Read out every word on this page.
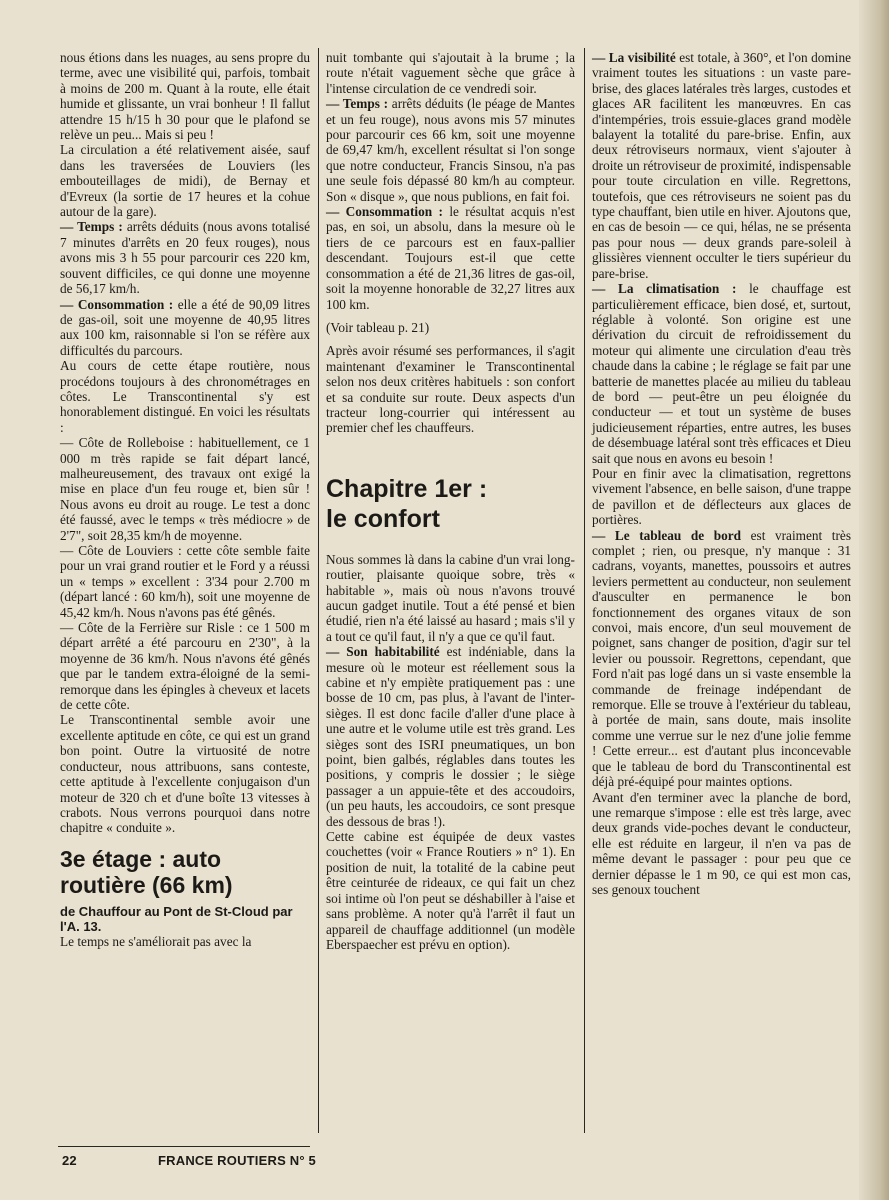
nous étions dans les nuages, au sens propre du terme, avec une visibilité qui, parfois, tombait à moins de 200 m. Quant à la route, elle était humide et glissante, un vrai bonheur ! Il fallut attendre 15 h/15 h 30 pour que le plafond se relève un peu... Mais si peu !

La circulation a été relativement aisée, sauf dans les traversées de Louviers (les embouteillages de midi), de Bernay et d'Evreux (la sortie de 17 heures et la cohue autour de la gare).

— Temps : arrêts déduits (nous avons totalisé 7 minutes d'arrêts en 20 feux rouges), nous avons mis 3 h 55 pour parcourir ces 220 km, souvent difficiles, ce qui donne une moyenne de 56,17 km/h.

— Consommation : elle a été de 90,09 litres de gas-oil, soit une moyenne de 40,95 litres aux 100 km, raisonnable si l'on se réfère aux difficultés du parcours.

Au cours de cette étape routière, nous procédons toujours à des chronométrages en côtes. Le Transcontinental s'y est honorablement distingué. En voici les résultats :

— Côte de Rolleboise : habituellement, ce 1 000 m très rapide se fait départ lancé, malheureusement, des travaux ont exigé la mise en place d'un feu rouge et, bien sûr ! Nous avons eu droit au rouge. Le test a donc été faussé, avec le temps « très médiocre » de 2'7", soit 28,35 km/h de moyenne.

— Côte de Louviers : cette côte semble faite pour un vrai grand routier et le Ford y a réussi un « temps » excellent : 3'34 pour 2.700 m (départ lancé : 60 km/h), soit une moyenne de 45,42 km/h. Nous n'avons pas été gênés.

— Côte de la Ferrière sur Risle : ce 1 500 m départ arrêté a été parcouru en 2'30", à la moyenne de 36 km/h. Nous n'avons été gênés que par le tandem extra-éloigné de la semi-remorque dans les épingles à cheveux et lacets de cette côte.

Le Transcontinental semble avoir une excellente aptitude en côte, ce qui est un grand bon point. Outre la virtuosité de notre conducteur, nous attribuons, sans conteste, cette aptitude à l'excellente conjugaison d'un moteur de 320 ch et d'une boîte 13 vitesses à crabots. Nous verrons pourquoi dans notre chapitre « conduite ».

3e étage : auto routière (66 km)
de Chauffour au Pont de St-Cloud par l'A. 13.

Le temps ne s'améliorait pas avec la

nuit tombante qui s'ajoutait à la brume ; la route n'était vaguement sèche que grâce à l'intense circulation de ce vendredi soir.

— Temps : arrêts déduits (le péage de Mantes et un feu rouge), nous avons mis 57 minutes pour parcourir ces 66 km, soit une moyenne de 69,47 km/h, excellent résultat si l'on songe que notre conducteur, Francis Sinsou, n'a pas une seule fois dépassé 80 km/h au compteur. Son « disque », que nous publions, en fait foi.

— Consommation : le résultat acquis n'est pas, en soi, un absolu, dans la mesure où le tiers de ce parcours est en faux-pallier descendant. Toujours est-il que cette consommation a été de 21,36 litres de gas-oil, soit la moyenne honorable de 32,27 litres aux 100 km.

(Voir tableau p. 21)

Après avoir résumé ses performances, il s'agit maintenant d'examiner le Transcontinental selon nos deux critères habituels : son confort et sa conduite sur route. Deux aspects d'un tracteur long-courrier qui intéressent au premier chef les chauffeurs.

Chapitre 1er :
le confort

Nous sommes là dans la cabine d'un vrai long-routier, plaisante quoique sobre, très « habitable », mais où nous n'avons trouvé aucun gadget inutile. Tout a été pensé et bien étudié, rien n'a été laissé au hasard ; mais s'il y a tout ce qu'il faut, il n'y a que ce qu'il faut.

— Son habitabilité est indéniable, dans la mesure où le moteur est réellement sous la cabine et n'y empiète pratiquement pas : une bosse de 10 cm, pas plus, à l'avant de l'inter-sièges. Il est donc facile d'aller d'une place à une autre et le volume utile est très grand. Les sièges sont des ISRI pneumatiques, un bon point, bien galbés, réglables dans toutes les positions, y compris le dossier ; le siège passager a un appuie-tête et des accoudoirs, (un peu hauts, les accoudoirs, ce sont presque des dessous de bras !).

Cette cabine est équipée de deux vastes couchettes (voir « France Routiers » n° 1). En position de nuit, la totalité de la cabine peut être ceinturée de rideaux, ce qui fait un chez soi intime où l'on peut se déshabiller à l'aise et sans problème. A noter qu'à l'arrêt il faut un appareil de chauffage additionnel (un modèle Eberspaecher est prévu en option).

— La visibilité est totale, à 360°, et l'on domine vraiment toutes les situations : un vaste pare-brise, des glaces latérales très larges, custodes et glaces AR facilitent les manœuvres. En cas d'intempéries, trois essuie-glaces grand modèle balayent la totalité du pare-brise. Enfin, aux deux rétroviseurs normaux, vient s'ajouter à droite un rétroviseur de proximité, indispensable pour toute circulation en ville. Regrettons, toutefois, que ces rétroviseurs ne soient pas du type chauffant, bien utile en hiver. Ajoutons que, en cas de besoin — ce qui, hélas, ne se présenta pas pour nous — deux grands pare-soleil à glissières viennent occulter le tiers supérieur du pare-brise.

— La climatisation : le chauffage est particulièrement efficace, bien dosé, et, surtout, réglable à volonté. Son origine est une dérivation du circuit de refroidissement du moteur qui alimente une circulation d'eau très chaude dans la cabine ; le réglage se fait par une batterie de manettes placée au milieu du tableau de bord — peut-être un peu éloignée du conducteur — et tout un système de buses judicieusement réparties, entre autres, les buses de désembuage latéral sont très efficaces et Dieu sait que nous en avons eu besoin !

Pour en finir avec la climatisation, regrettons vivement l'absence, en belle saison, d'une trappe de pavillon et de déflecteurs aux glaces de portières.

— Le tableau de bord est vraiment très complet ; rien, ou presque, n'y manque : 31 cadrans, voyants, manettes, poussoirs et autres leviers permettent au conducteur, non seulement d'ausculter en permanence le bon fonctionnement des organes vitaux de son convoi, mais encore, d'un seul mouvement de poignet, sans changer de position, d'agir sur tel levier ou poussoir. Regrettons, cependant, que Ford n'ait pas logé dans un si vaste ensemble la commande de freinage indépendant de remorque. Elle se trouve à l'extérieur du tableau, à portée de main, sans doute, mais insolite comme une verrue sur le nez d'une jolie femme ! Cette erreur... est d'autant plus inconcevable que le tableau de bord du Transcontinental est déjà pré-équipé pour maintes options.

Avant d'en terminer avec la planche de bord, une remarque s'impose : elle est très large, avec deux grands vide-poches devant le conducteur, elle est réduite en largeur, il n'en va pas de même devant le passager : pour peu que ce dernier dépasse le 1 m 90, ce qui est mon cas, ses genoux touchent

22	FRANCE ROUTIERS N° 5
